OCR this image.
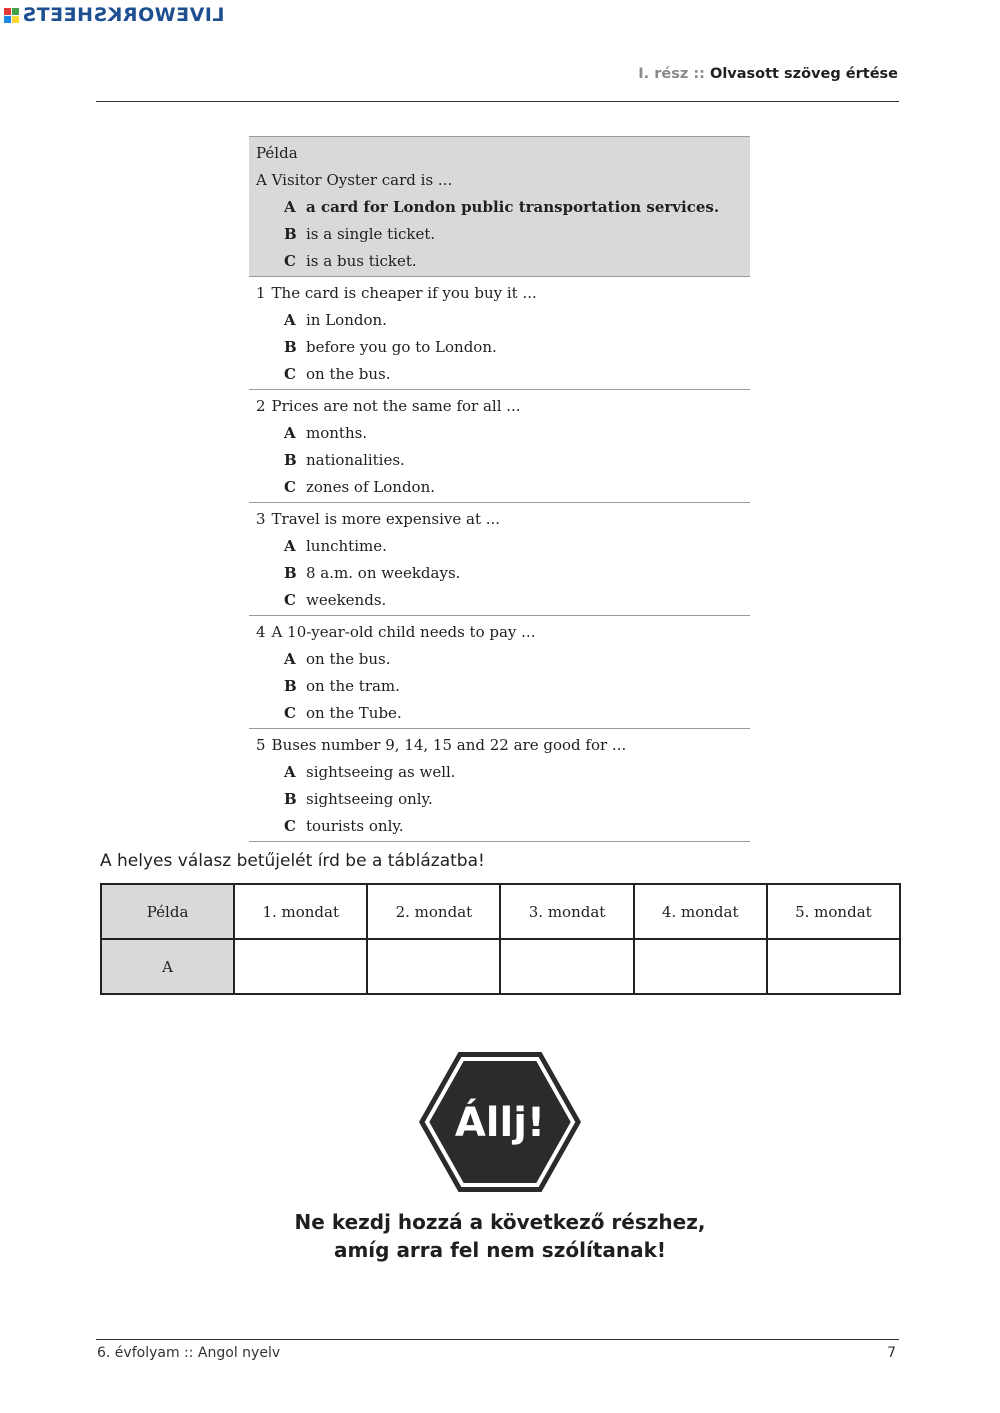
LIVEWORKSHEETS
I. rész :: Olvasott szöveg értése
Példa
A Visitor Oyster card is ...
A a card for London public transportation services.
B is a single ticket.
C is a bus ticket.
1 The card is cheaper if you buy it ...
A in London.
B before you go to London.
C on the bus.
2 Prices are not the same for all ...
A months.
B nationalities.
C zones of London.
3 Travel is more expensive at ...
A lunchtime.
B 8 a.m. on weekdays.
C weekends.
4 A 10-year-old child needs to pay ...
A on the bus.
B on the tram.
C on the Tube.
5 Buses number 9, 14, 15 and 22 are good for ...
A sightseeing as well.
B sightseeing only.
C tourists only.
A helyes válasz betűjelét írd be a táblázatba!
Példa	1. mondat	2. mondat	3. mondat	4. mondat	5. mondat
A					
Állj!
Ne kezdj hozzá a következő részhez,
amíg arra fel nem szólítanak!
6. évfolyam :: Angol nyelv	7
